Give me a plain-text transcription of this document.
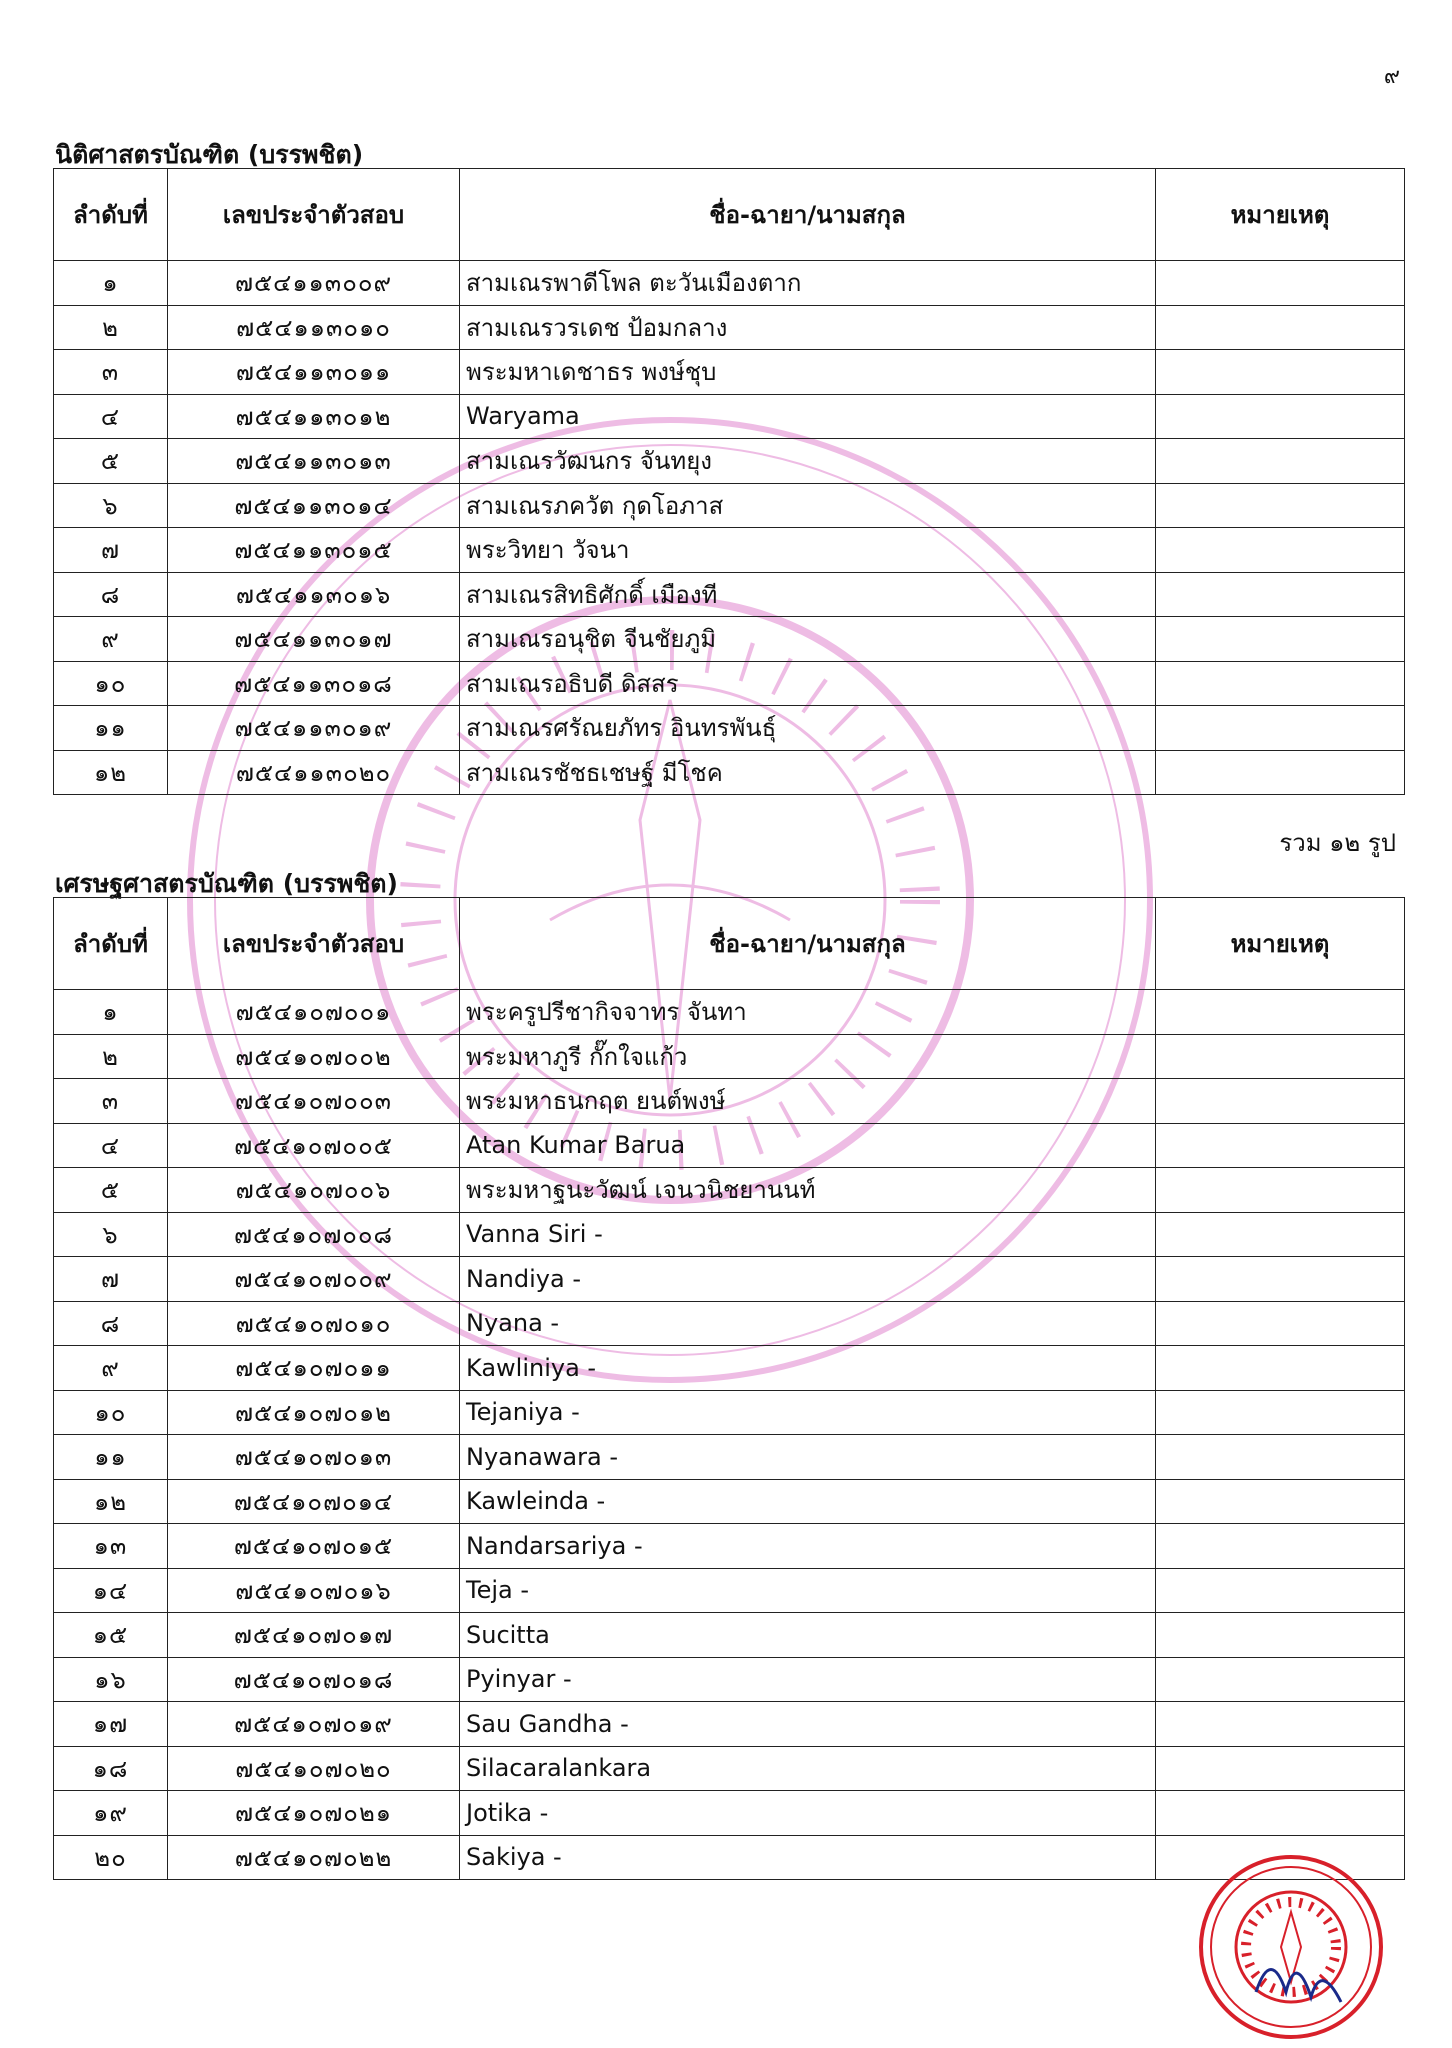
๙
นิติศาสตรบัณฑิต (บรรพชิต)
ลำดับที่	เลขประจำตัวสอบ	ชื่อ-ฉายา/นามสกุล	หมายเหตุ
๑	๗๕๔๑๑๓๐๐๙	สามเณรพาดีโพล ตะวันเมืองตาก	
๒	๗๕๔๑๑๓๐๑๐	สามเณรวรเดช ป้อมกลาง	
๓	๗๕๔๑๑๓๐๑๑	พระมหาเดชาธร พงษ์ชุบ	
๔	๗๕๔๑๑๓๐๑๒	Waryama	
๕	๗๕๔๑๑๓๐๑๓	สามเณรวัฒนกร จันทยุง	
๖	๗๕๔๑๑๓๐๑๔	สามเณรภควัต กุดโอภาส	
๗	๗๕๔๑๑๓๐๑๕	พระวิทยา วัจนา	
๘	๗๕๔๑๑๓๐๑๖	สามเณรสิทธิศักดิ์ เมืองที	
๙	๗๕๔๑๑๓๐๑๗	สามเณรอนุชิต จีนชัยภูมิ	
๑๐	๗๕๔๑๑๓๐๑๘	สามเณรอธิบดี ดิสสร	
๑๑	๗๕๔๑๑๓๐๑๙	สามเณรศรัณยภัทร อินทรพันธุ์	
๑๒	๗๕๔๑๑๓๐๒๐	สามเณรชัชธเชษฐ์ มีโชค	
รวม ๑๒ รูป
เศรษฐศาสตรบัณฑิต (บรรพชิต)
ลำดับที่	เลขประจำตัวสอบ	ชื่อ-ฉายา/นามสกุล	หมายเหตุ
๑	๗๕๔๑๐๗๐๐๑	พระครูปรีชากิจจาทร จันทา	
๒	๗๕๔๑๐๗๐๐๒	พระมหาภูรี กั๊กใจแก้ว	
๓	๗๕๔๑๐๗๐๐๓	พระมหาธนกฤต ยนต์พงษ์	
๔	๗๕๔๑๐๗๐๐๕	Atan Kumar Barua	
๕	๗๕๔๑๐๗๐๐๖	พระมหาฐนะวัฒน์ เจนวนิชยานนท์	
๖	๗๕๔๑๐๗๐๐๘	Vanna Siri -	
๗	๗๕๔๑๐๗๐๐๙	Nandiya -	
๘	๗๕๔๑๐๗๐๑๐	Nyana -	
๙	๗๕๔๑๐๗๐๑๑	Kawliniya -	
๑๐	๗๕๔๑๐๗๐๑๒	Tejaniya -	
๑๑	๗๕๔๑๐๗๐๑๓	Nyanawara -	
๑๒	๗๕๔๑๐๗๐๑๔	Kawleinda -	
๑๓	๗๕๔๑๐๗๐๑๕	Nandarsariya -	
๑๔	๗๕๔๑๐๗๐๑๖	Teja -	
๑๕	๗๕๔๑๐๗๐๑๗	Sucitta	
๑๖	๗๕๔๑๐๗๐๑๘	Pyinyar -	
๑๗	๗๕๔๑๐๗๐๑๙	Sau Gandha -	
๑๘	๗๕๔๑๐๗๐๒๐	Silacaralankara	
๑๙	๗๕๔๑๐๗๐๒๑	Jotika -	
๒๐	๗๕๔๑๐๗๐๒๒	Sakiya -	
